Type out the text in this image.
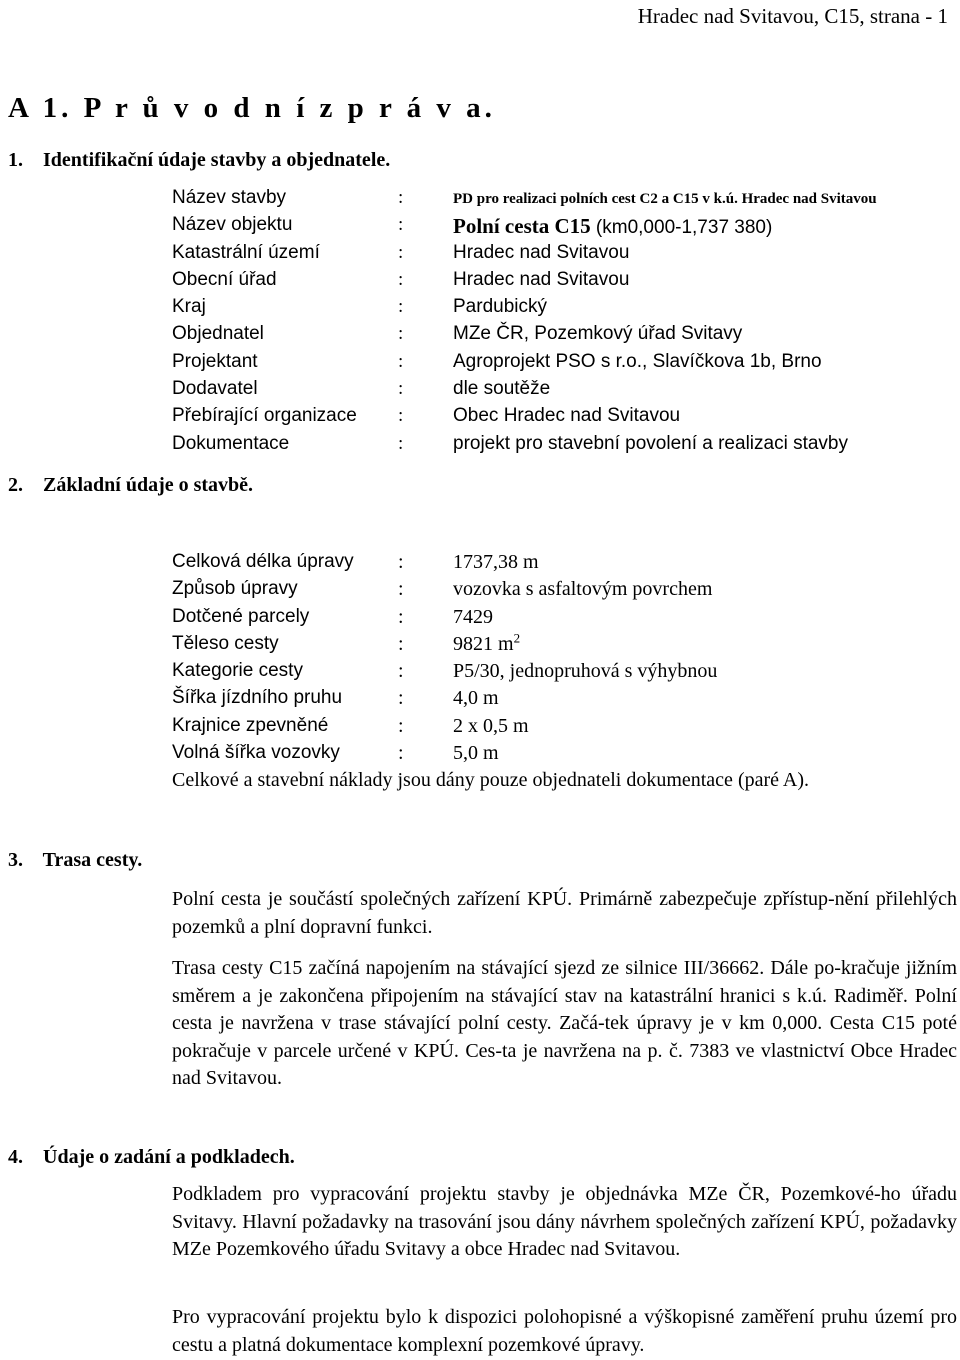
Hradec nad Svitavou, C15, strana - 1
A 1. P r ů v o d n í z p r á v a.
1. Identifikační údaje stavby a objednatele.
Název stavby	:	PD pro realizaci polních cest C2 a C15 v k.ú. Hradec nad Svitavou
Název objektu	: Polní cesta C15 (km0,000-1,737 380)
Katastrální území	:	Hradec nad Svitavou
Obecní úřad	:	Hradec nad Svitavou
Kraj	:	Pardubický
Objednatel	:	MZe ČR, Pozemkový úřad Svitavy
Projektant	:	Agroprojekt PSO s r.o., Slavíčkova 1b, Brno
Dodavatel	:	dle soutěže
Přebírající organizace :	Obec Hradec nad Svitavou
Dokumentace	:	projekt pro stavební povolení a realizaci stavby
2. Základní údaje o stavbě.
Celková délka úpravy : 1737,38 m
Způsob úpravy	: vozovka s asfaltovým povrchem
Dotčené parcely	: 7429
Těleso cesty	: 9821 $m^2$
Kategorie cesty	: P5/30, jednopruhová s výhybnou
Šířka jízdního pruhu	: 4,0 m
Krajnice zpevněné	: 2 x 0,5 m
Volná šířka vozovky	: 5,0 m
Celkové a stavební náklady jsou dány pouze objednateli dokumentace (paré A).
3. Trasa cesty.
Polní cesta je součástí společných zařízení KPÚ. Primárně zabezpečuje zpřístup-nění přilehlých pozemků a plní dopravní funkci.
Trasa cesty C15 začíná napojením na stávající sjezd ze silnice III/36662. Dále po-kračuje jižním směrem a je zakončena připojením na stávající stav na katastrální hranici s k.ú. Radiměř. Polní cesta je navržena v trase stávající polní cesty. Začá-tek úpravy je v km 0,000. Cesta C15 poté pokračuje v parcele určené v KPÚ. Ces-ta je navržena na p. č. 7383 ve vlastnictví Obce Hradec nad Svitavou.
4. Údaje o zadání a podkladech.
Podkladem pro vypracování projektu stavby je objednávka MZe ČR, Pozemkové-ho úřadu Svitavy. Hlavní požadavky na trasování jsou dány návrhem společných zařízení KPÚ, požadavky MZe Pozemkového úřadu Svitavy a obce Hradec nad Svitavou.
Pro vypracování projektu bylo k dispozici polohopisné a výškopisné zaměření pruhu území pro cestu a platná dokumentace komplexní pozemkové úpravy.
